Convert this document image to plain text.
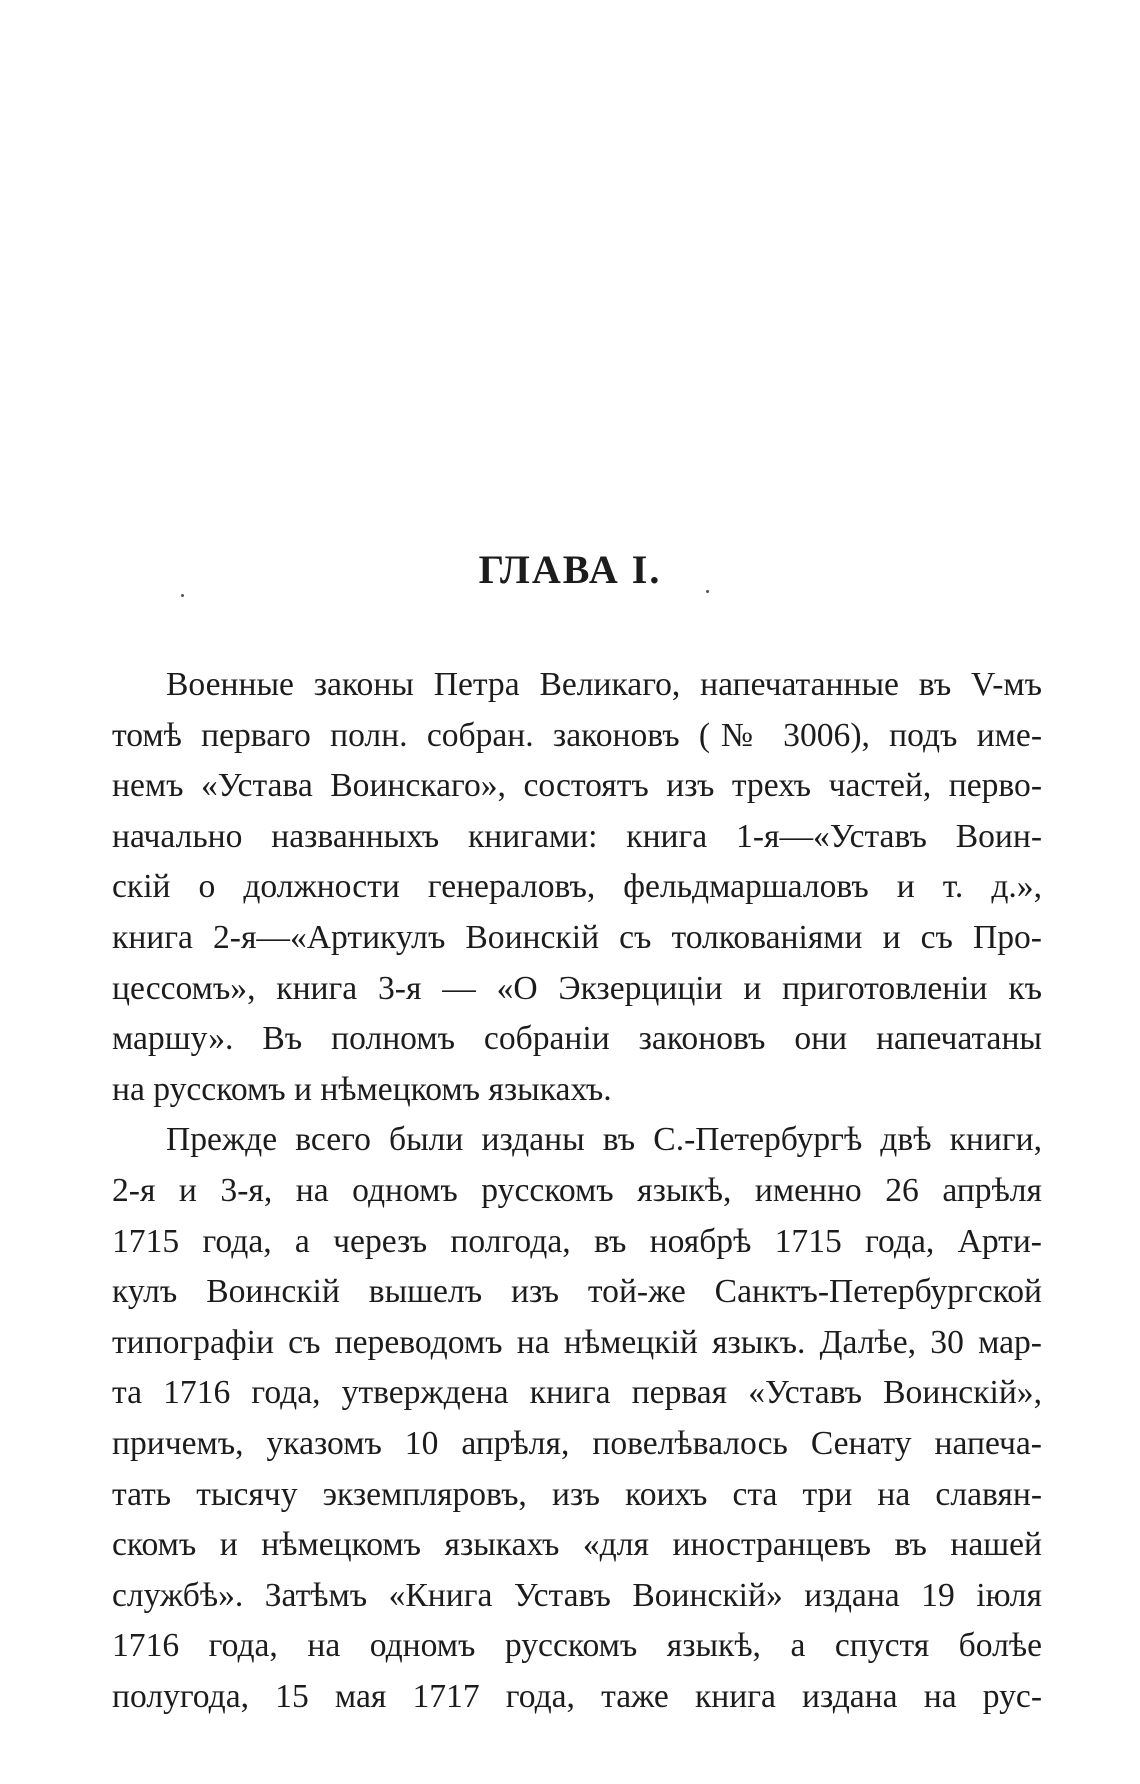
ГЛАВА I.

Военные законы Петра Великаго, напечатанные въ V-мъ
томѣ перваго полн. собран. законовъ (№ 3006), подъ име-
немъ «Устава Воинскаго», состоятъ изъ трехъ частей, перво-
начально названныхъ книгами: книга 1-я—«Уставъ Воин-
скій о должности генераловъ, фельдмаршаловъ и т. д.»,
книга 2-я—«Артикулъ Воинскій съ толкованіями и съ Про-
цессомъ», книга 3-я — «О Экзерциціи и приготовленіи къ
маршу». Въ полномъ собраніи законовъ они напечатаны
на русскомъ и нѣмецкомъ языкахъ.

Прежде всего были изданы въ С.-Петербургѣ двѣ книги,
2-я и 3-я, на одномъ русскомъ языкѣ, именно 26 апрѣля
1715 года, а черезъ полгода, въ ноябрѣ 1715 года, Арти-
кулъ Воинскій вышелъ изъ той-же Санктъ-Петербургской
типографіи съ переводомъ на нѣмецкій языкъ. Далѣе, 30 мар-
та 1716 года, утверждена книга первая «Уставъ Воинскій»,
причемъ, указомъ 10 апрѣля, повелѣвалось Сенату напеча-
тать тысячу экземпляровъ, изъ коихъ ста три на славян-
скомъ и нѣмецкомъ языкахъ «для иностранцевъ въ нашей
службѣ». Затѣмъ «Книга Уставъ Воинскій» издана 19 іюля
1716 года, на одномъ русскомъ языкѣ, а спустя болѣе
полугода, 15 мая 1717 года, таже книга издана на рус-
